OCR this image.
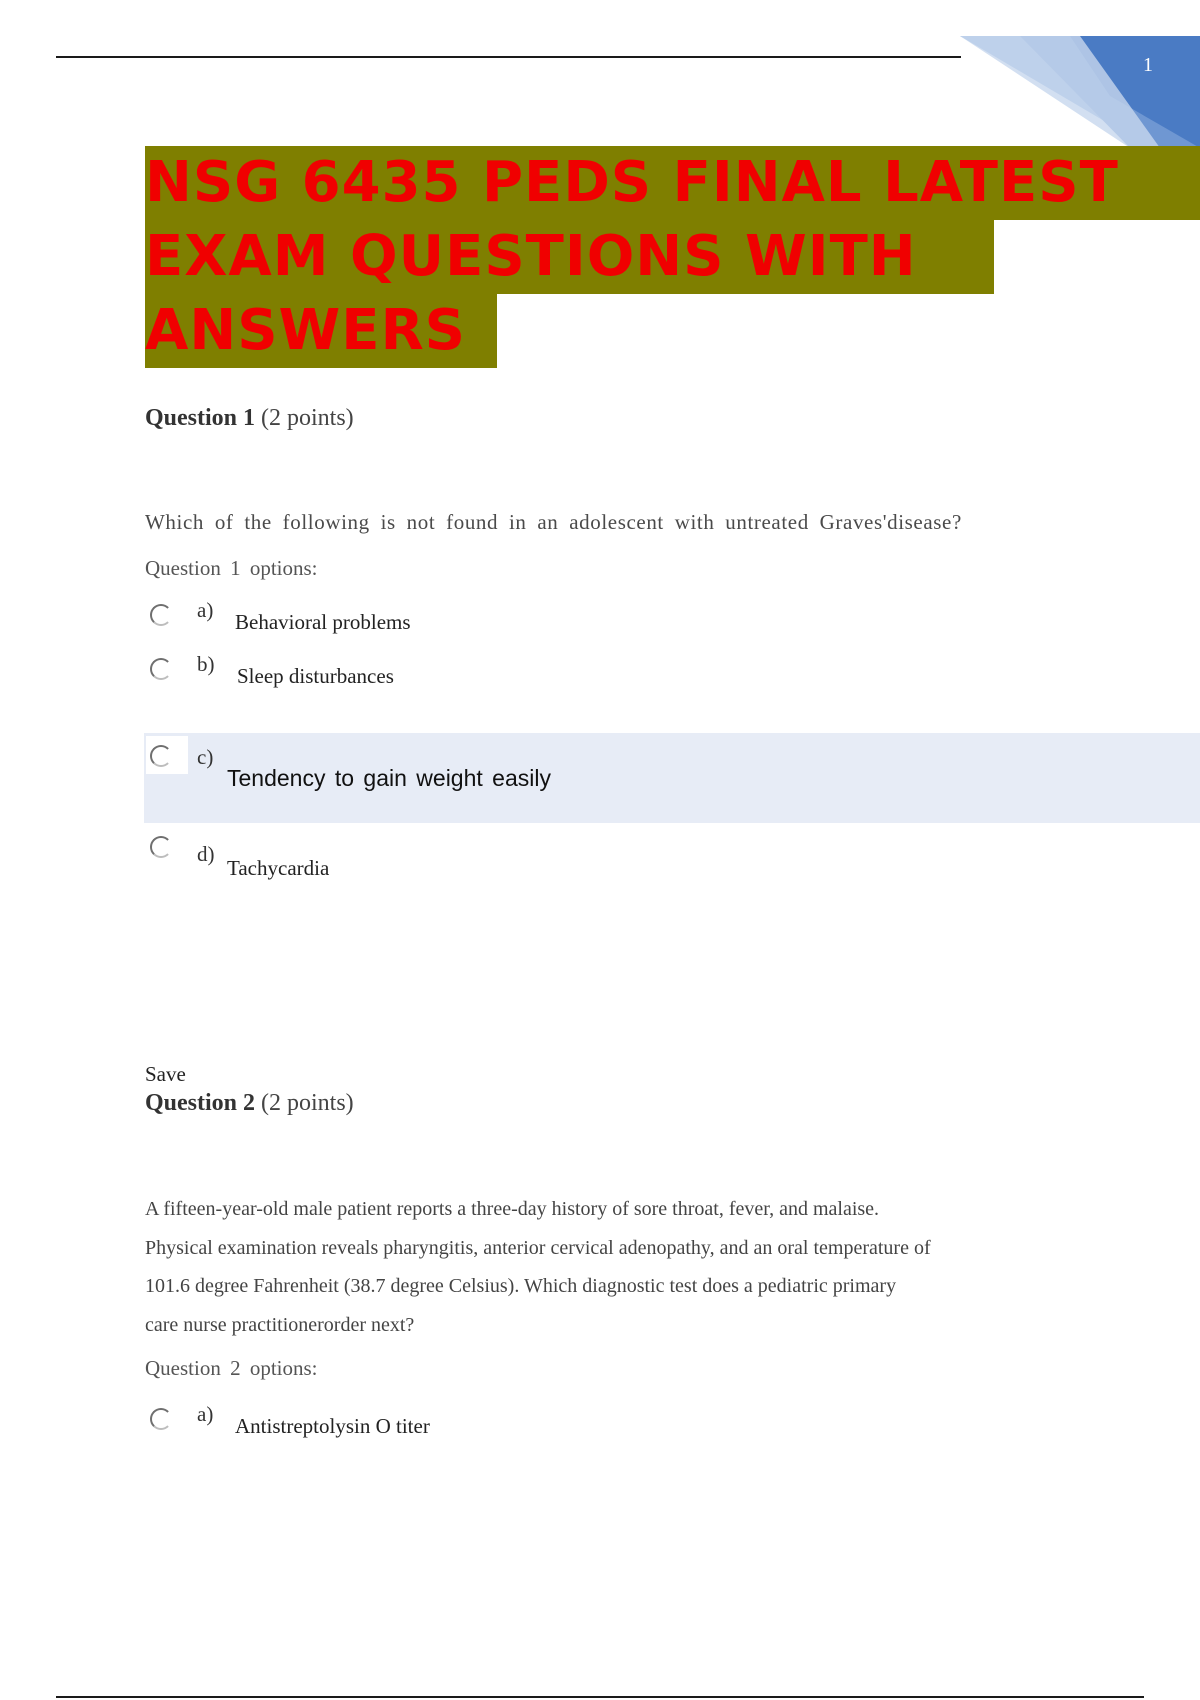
1
NSG 6435 PEDS FINAL LATEST
EXAM QUESTIONS WITH
ANSWERS
Question 1 (2 points)
Which of the following is not found in an adolescent with untreated Graves'disease?
Question 1 options:
a) Behavioral problems
b) Sleep disturbances
c)
Tendency to gain weight easily
d)
Tachycardia
Save
Question 2 (2 points)
A fifteen-year-old male patient reports a three-day history of sore throat, fever, and malaise.
Physical examination reveals pharyngitis, anterior cervical adenopathy, and an oral temperature of
101.6 degree Fahrenheit (38.7 degree Celsius). Which diagnostic test does a pediatric primary
care nurse practitionerorder next?
Question 2 options:
a) Antistreptolysin O titer
